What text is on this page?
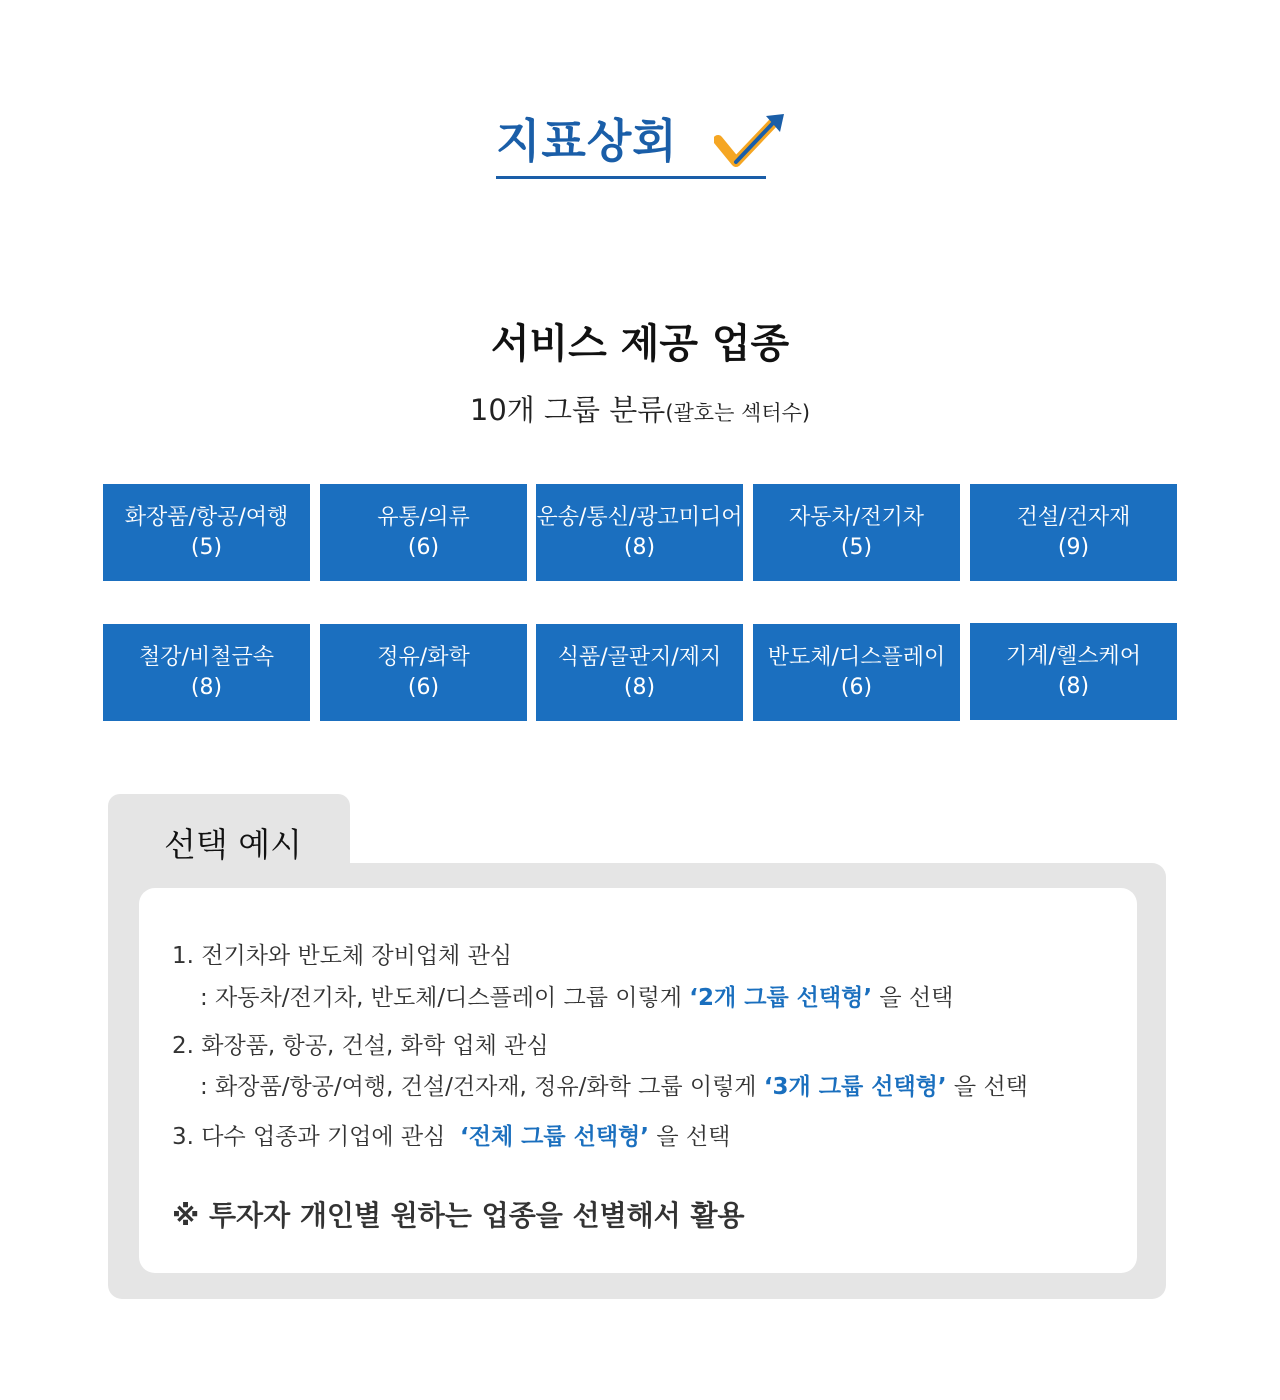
지표상회
서비스 제공 업종
10개 그룹 분류(괄호는 섹터수)
화장품/항공/여행
(5)
유통/의류
(6)
운송/통신/광고미디어
(8)
자동차/전기차
(5)
건설/건자재
(9)
철강/비철금속
(8)
정유/화학
(6)
식품/골판지/제지
(8)
반도체/디스플레이
(6)
기계/헬스케어
(8)
선택 예시
1. 전기차와 반도체 장비업체 관심
: 자동차/전기차, 반도체/디스플레이 그룹 이렇게 ‘2개 그룹 선택형’ 을 선택
2. 화장품, 항공, 건설, 화학 업체 관심
: 화장품/항공/여행, 건설/건자재, 정유/화학 그룹 이렇게 ‘3개 그룹 선택형’ 을 선택
3. 다수 업종과 기업에 관심  ‘전체 그룹 선택형’ 을 선택
※ 투자자 개인별 원하는 업종을 선별해서 활용
